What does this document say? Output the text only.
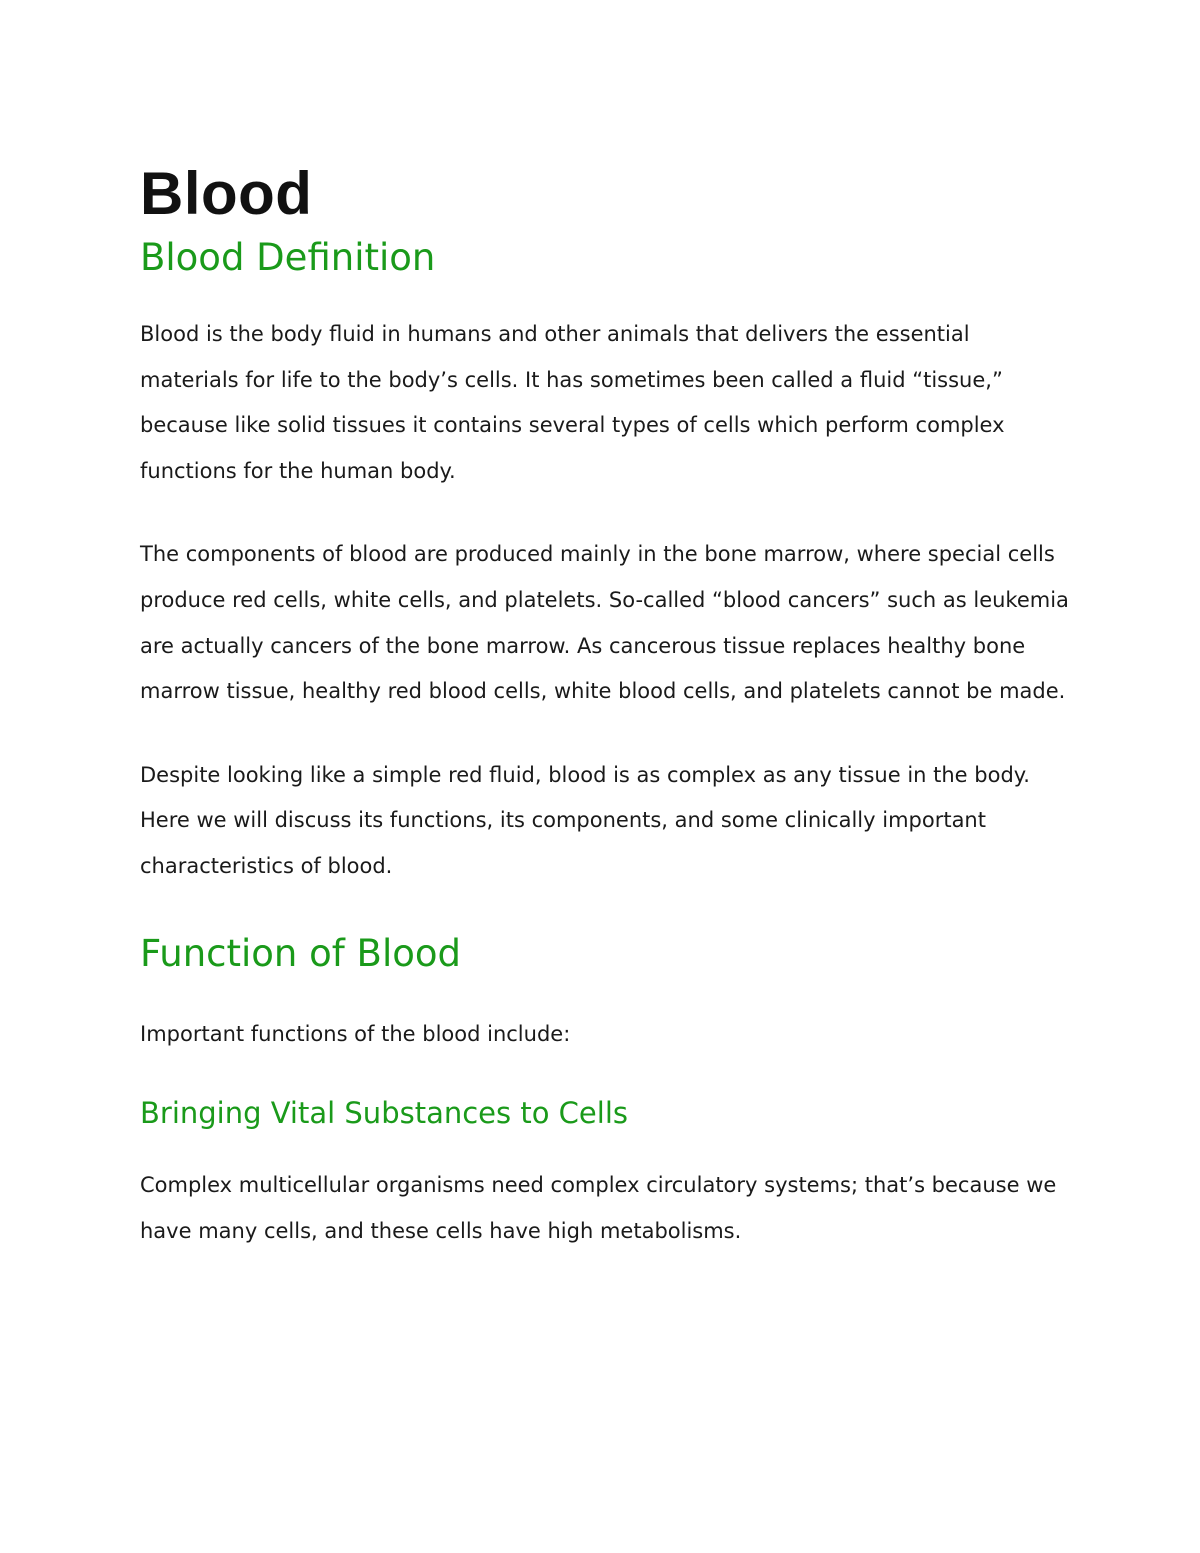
Blood
Blood Definition

Blood is the body fluid in humans and other animals that delivers the essential materials for life to the body’s cells. It has sometimes been called a fluid “tissue,” because like solid tissues it contains several types of cells which perform complex functions for the human body.

The components of blood are produced mainly in the bone marrow, where special cells produce red cells, white cells, and platelets. So-called “blood cancers” such as leukemia are actually cancers of the bone marrow. As cancerous tissue replaces healthy bone marrow tissue, healthy red blood cells, white blood cells, and platelets cannot be made.

Despite looking like a simple red fluid, blood is as complex as any tissue in the body. Here we will discuss its functions, its components, and some clinically important characteristics of blood.

Function of Blood

Important functions of the blood include:

Bringing Vital Substances to Cells

Complex multicellular organisms need complex circulatory systems; that’s because we have many cells, and these cells have high metabolisms.
